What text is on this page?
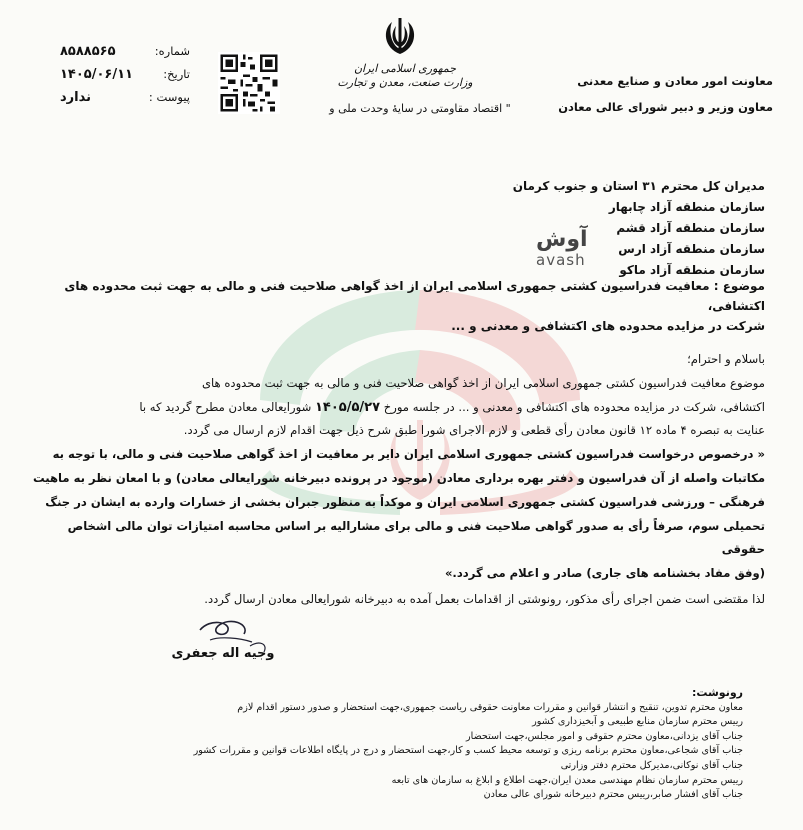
شماره:
۸۵۸۸۵۶۵
تاریخ:
۱۴۰۵/۰۶/۱۱
پیوست :
ندارد
جمهوری اسلامی ایران
وزارت صنعت، معدن و تجارت
" اقتصاد مقاومتی در سایهٔ وحدت ملی و
معاونت امور معادن و صنایع معدنی
معاون وزیر و دبیر شورای عالی معادن
مدیران کل محترم ۳۱ استان و جنوب کرمان
سازمان منطقه آزاد چابهار
سازمان منطقه آزاد قشم
سازمان منطقه آزاد ارس
سازمان منطقه آزاد ماکو
آوش
avash
موضوع : معافیت فدراسیون کشتی جمهوری اسلامی ایران از اخذ گواهی صلاحیت فنی و مالی به جهت ثبت محدوده های اکتشافی،
شرکت در مزایده محدوده های اکتشافی و معدنی و ...
باسلام و احترام؛
موضوع معافیت فدراسیون کشتی جمهوری اسلامی ایران از اخذ گواهی صلاحیت فنی و مالی به جهت ثبت محدوده های
اکتشافی، شرکت در مزایده محدوده های اکتشافی و معدنی و ... در جلسه مورخ ۱۴۰۵/۵/۲۷ شورایعالی معادن مطرح گردید که با
عنایت به تبصره ۴ ماده ۱۲ قانون معادن رأی قطعی و لازم الاجرای شورا طبق شرح ذیل جهت اقدام لازم ارسال می گردد.
« درخصوص درخواست فدراسیون کشتی جمهوری اسلامی ایران دایر بر معافیت از اخذ گواهی صلاحیت فنی و مالی، با توجه به
مکاتبات واصله از آن فدراسیون و دفتر بهره برداری معادن (موجود در پرونده دبیرخانه شورایعالی معادن) و با امعان نظر به ماهیت
فرهنگی – ورزشی فدراسیون کشتی جمهوری اسلامی ایران و موکداً به منظور جبران بخشی از خسارات وارده به ایشان در جنگ
تحمیلی سوم، صرفاً رأی به صدور گواهی صلاحیت فنی و مالی برای مشارالیه بر اساس محاسبه امتیازات توان مالی اشخاص حقوقی
(وفق مفاد بخشنامه های جاری) صادر و اعلام می گردد.»
لذا مقتضی است ضمن اجرای رأی مذکور، رونوشتی از اقدامات بعمل آمده به دبیرخانه شورایعالی معادن ارسال گردد.
وجیه اله جعفری
رونوشت:
معاون محترم تدوین، تنقیح و انتشار قوانین و مقررات معاونت حقوقی ریاست جمهوری،جهت استحضار و صدور دستور اقدام لازم
رییس محترم سازمان منابع طبیعی و آبخیزداری کشور
جناب آقای یزدانی،معاون محترم حقوقی و امور مجلس،جهت استحضار
جناب آقای شجاعی،معاون محترم برنامه ریزی و توسعه محیط کسب و کار،جهت استحضار و درج در پایگاه اطلاعات قوانین و مقررات کشور
جناب آقای نوکانی،مدیرکل محترم دفتر وزارتی
رییس محترم سازمان نظام مهندسی معدن ایران،جهت اطلاع و ابلاغ به سازمان های تابعه
جناب آقای افشار صابر،رییس محترم دبیرخانه شورای عالی معادن
